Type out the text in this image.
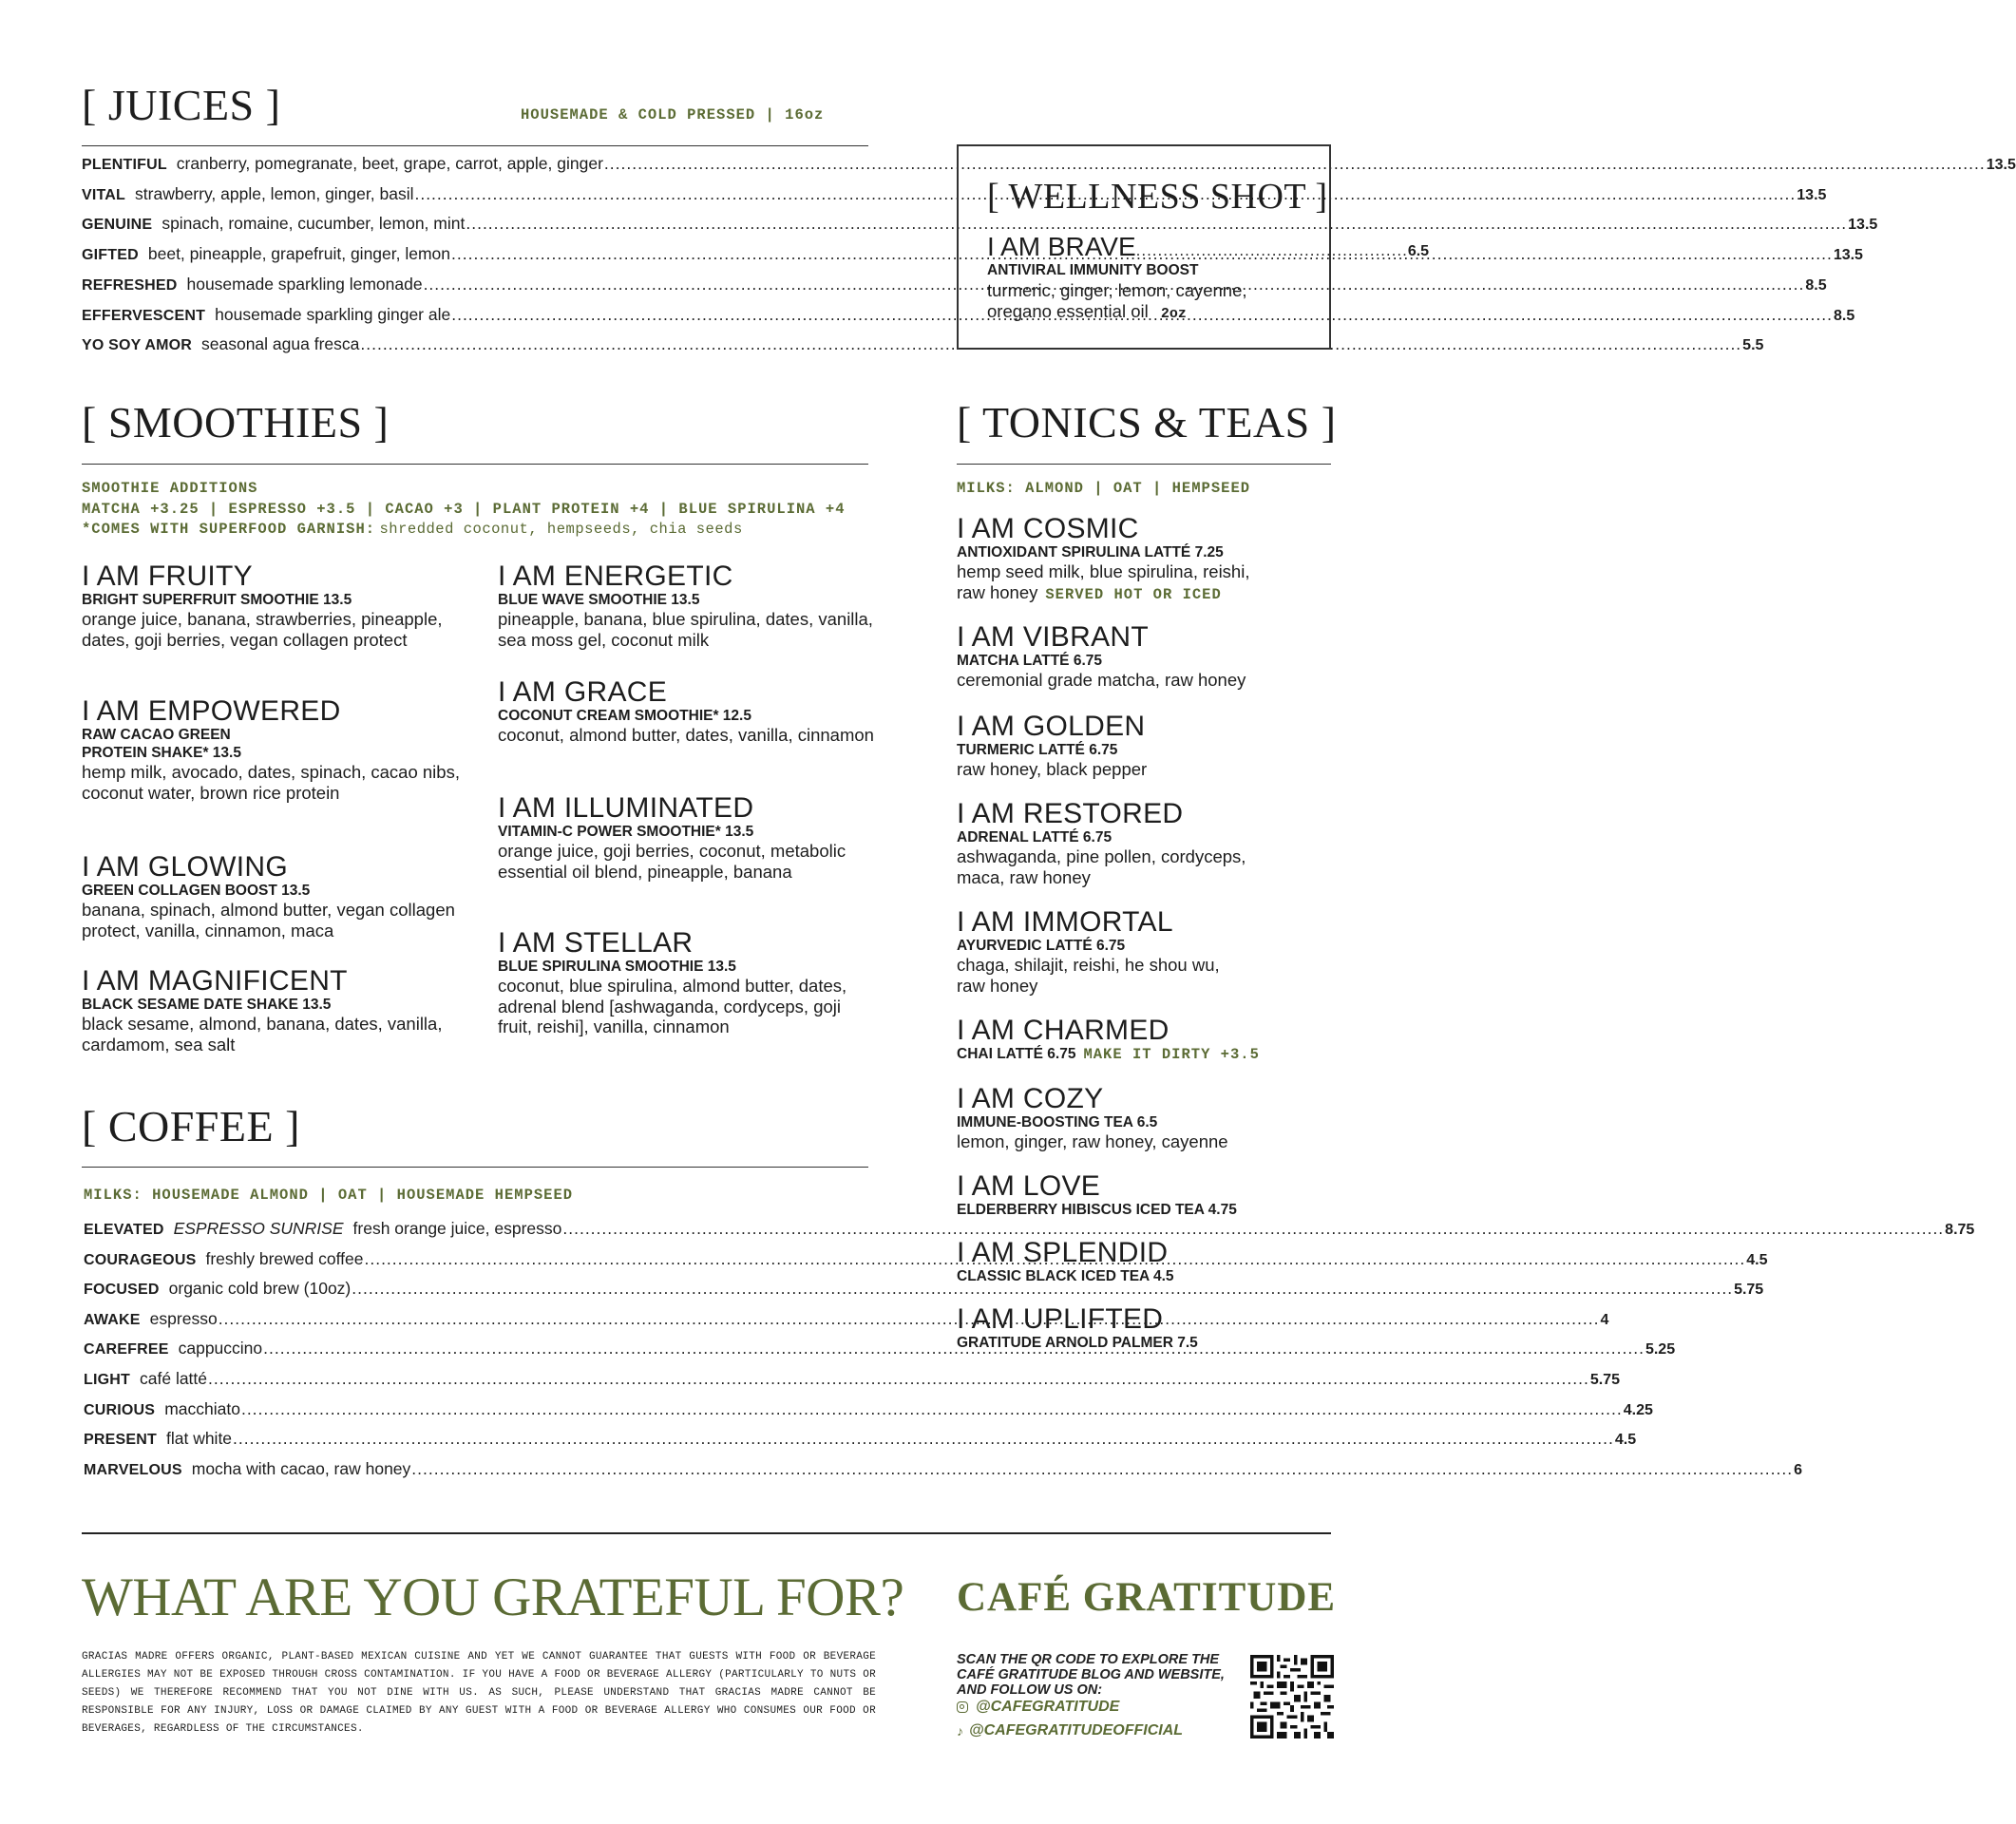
[ JUICES ]	HOUSEMADE & COLD PRESSED | 16oz
PLENTIFUL cranberry, pomegranate, beet, grape, carrot, apple, ginger .....	13.5
VITAL strawberry, apple, lemon, ginger, basil .....	13.5
GENUINE spinach, romaine, cucumber, lemon, mint .....	13.5
GIFTED beet, pineapple, grapefruit, ginger, lemon .....	13.5
REFRESHED housemade sparkling lemonade .....	8.5
EFFERVESCENT housemade sparkling ginger ale .....	8.5
YO SOY AMOR seasonal agua fresca .....	5.5
[ WELLNESS SHOT ]
I AM BRAVE .................................................. 6.5
ANTIVIRAL IMMUNITY BOOST
turmeric, ginger, lemon, cayenne,
oregano essential oil 2oz
[ SMOOTHIES ]
SMOOTHIE ADDITIONS
MATCHA +3.25 | ESPRESSO +3.5 | CACAO +3 | PLANT PROTEIN +4 | BLUE SPIRULINA +4
*COMES WITH SUPERFOOD GARNISH: shredded coconut, hempseeds, chia seeds
I AM FRUITY
BRIGHT SUPERFRUIT SMOOTHIE 13.5
orange juice, banana, strawberries, pineapple, dates, goji berries, vegan collagen protect
I AM EMPOWERED
RAW CACAO GREEN
PROTEIN SHAKE* 13.5
hemp milk, avocado, dates, spinach, cacao nibs, coconut water, brown rice protein
I AM GLOWING
GREEN COLLAGEN BOOST 13.5
banana, spinach, almond butter, vegan collagen protect, vanilla, cinnamon, maca
I AM MAGNIFICENT
BLACK SESAME DATE SHAKE 13.5
black sesame, almond, banana, dates, vanilla, cardamom, sea salt
I AM ENERGETIC
BLUE WAVE SMOOTHIE 13.5
pineapple, banana, blue spirulina, dates, vanilla, sea moss gel, coconut milk
I AM GRACE
COCONUT CREAM SMOOTHIE* 12.5
coconut, almond butter, dates, vanilla, cinnamon
I AM ILLUMINATED
VITAMIN-C POWER SMOOTHIE* 13.5
orange juice, goji berries, coconut, metabolic essential oil blend, pineapple, banana
I AM STELLAR
BLUE SPIRULINA SMOOTHIE 13.5
coconut, blue spirulina, almond butter, dates, adrenal blend [ashwaganda, cordyceps, goji fruit, reishi], vanilla, cinnamon
[ TONICS & TEAS ]
MILKS: ALMOND | OAT | HEMPSEED
I AM COSMIC
ANTIOXIDANT SPIRULINA LATTÉ 7.25
hemp seed milk, blue spirulina, reishi,
raw honey SERVED HOT OR ICED
I AM VIBRANT
MATCHA LATTÉ 6.75
ceremonial grade matcha, raw honey
I AM GOLDEN
TURMERIC LATTÉ 6.75
raw honey, black pepper
I AM RESTORED
ADRENAL LATTÉ 6.75
ashwaganda, pine pollen, cordyceps,
maca, raw honey
I AM IMMORTAL
AYURVEDIC LATTÉ 6.75
chaga, shilajit, reishi, he shou wu,
raw honey
I AM CHARMED
CHAI LATTÉ 6.75 MAKE IT DIRTY +3.5
I AM COZY
IMMUNE-BOOSTING TEA 6.5
lemon, ginger, raw honey, cayenne
I AM LOVE
ELDERBERRY HIBISCUS ICED TEA 4.75
I AM SPLENDID
CLASSIC BLACK ICED TEA 4.5
I AM UPLIFTED
GRATITUDE ARNOLD PALMER 7.5
[ COFFEE ]
MILKS: HOUSEMADE ALMOND | OAT | HOUSEMADE HEMPSEED
ELEVATED ESPRESSO SUNRISE fresh orange juice, espresso .....	8.75
COURAGEOUS freshly brewed coffee .....	4.5
FOCUSED organic cold brew (10oz) .....	5.75
AWAKE espresso .....	4
CAREFREE cappuccino .....	5.25
LIGHT café latté .....	5.75
CURIOUS macchiato .....	4.25
PRESENT flat white .....	4.5
MARVELOUS mocha with cacao, raw honey .....	6
WHAT ARE YOU GRATEFUL FOR? CAFÉ GRATITUDE
GRACIAS MADRE OFFERS ORGANIC, PLANT-BASED MEXICAN CUISINE AND YET WE CANNOT GUARANTEE THAT GUESTS WITH FOOD OR BEVERAGE ALLERGIES MAY NOT BE EXPOSED THROUGH CROSS CONTAMINATION. IF YOU HAVE A FOOD OR BEVERAGE ALLERGY (PARTICULARLY TO NUTS OR SEEDS) WE THEREFORE RECOMMEND THAT YOU NOT DINE WITH US. AS SUCH, PLEASE UNDERSTAND THAT GRACIAS MADRE CANNOT BE RESPONSIBLE FOR ANY INJURY, LOSS OR DAMAGE CLAIMED BY ANY GUEST WITH A FOOD OR BEVERAGE ALLERGY WHO CONSUMES OUR FOOD OR BEVERAGES, REGARDLESS OF THE CIRCUMSTANCES.
SCAN THE QR CODE TO EXPLORE THE CAFÉ GRATITUDE BLOG AND WEBSITE, AND FOLLOW US ON:
@CAFEGRATITUDE
♪ @CAFEGRATITUDEOFFICIAL
